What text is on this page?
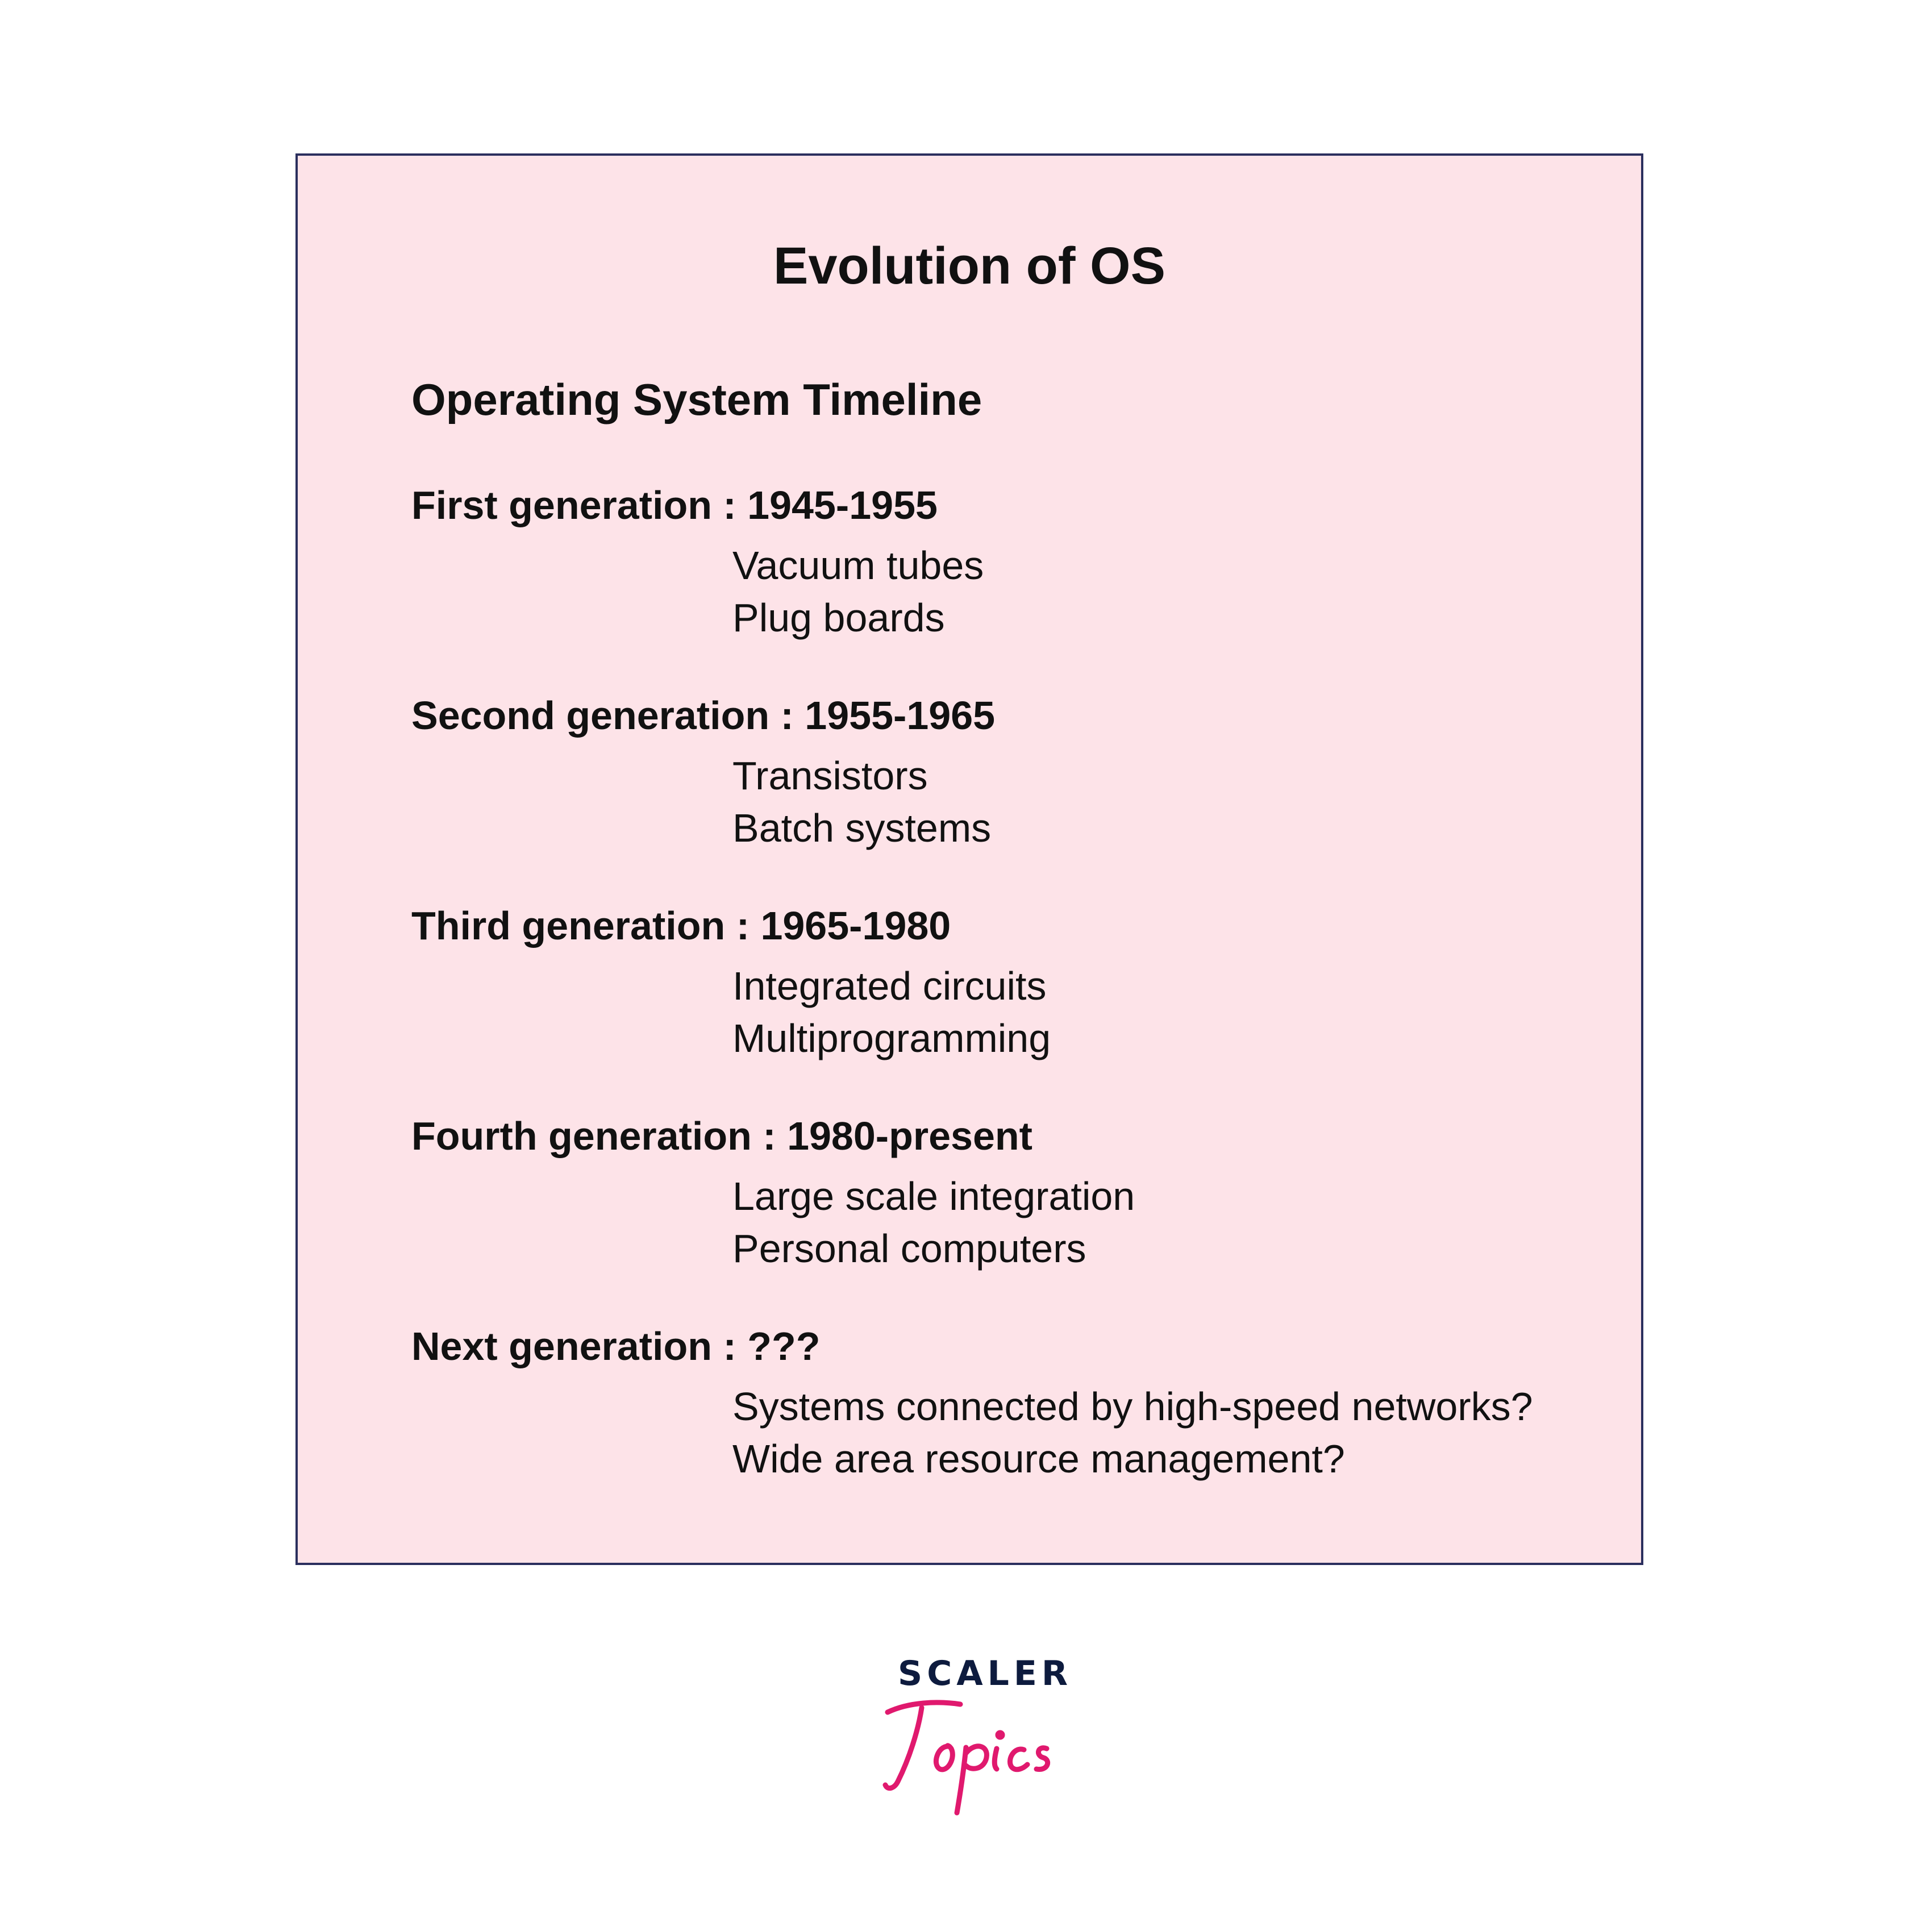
Evolution of OS
Operating System Timeline
First generation : 1945-1955
Vacuum tubes
Plug boards
Second generation : 1955-1965
Transistors
Batch systems
Third generation : 1965-1980
Integrated circuits
Multiprogramming
Fourth generation : 1980-present
Large scale integration
Personal computers
Next generation : ???
Systems connected by high-speed networks?
Wide area resource management?
SCALER
